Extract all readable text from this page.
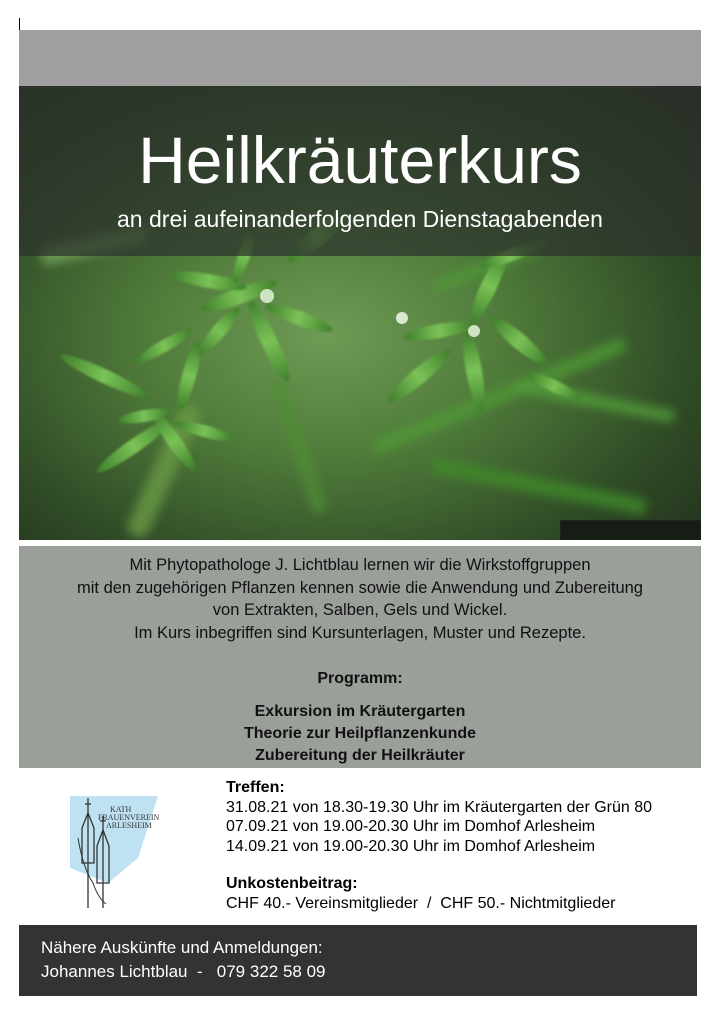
Heilkräuterkurs
an drei aufeinanderfolgenden Dienstagabenden
Mit Phytopathologe J. Lichtblau lernen wir die Wirkstoffgruppen
mit den zugehörigen Pflanzen kennen sowie die Anwendung und Zubereitung
von Extrakten, Salben, Gels und Wickel.
Im Kurs inbegriffen sind Kursunterlagen, Muster und Rezepte.
Programm:
Exkursion im Kräutergarten
Theorie zur Heilpflanzenkunde
Zubereitung der Heilkräuter
KATH
FRAUENVEREIN
ARLESHEIM
Treffen:
31.08.21 von 18.30-19.30 Uhr im Kräutergarten der Grün 80
07.09.21 von 19.00-20.30 Uhr im Domhof Arlesheim
14.09.21 von 19.00-20.30 Uhr im Domhof Arlesheim
Unkostenbeitrag:
CHF 40.- Vereinsmitglieder  /  CHF 50.- Nichtmitglieder
Nähere Auskünfte und Anmeldungen:
Johannes Lichtblau  -   079 322 58 09
